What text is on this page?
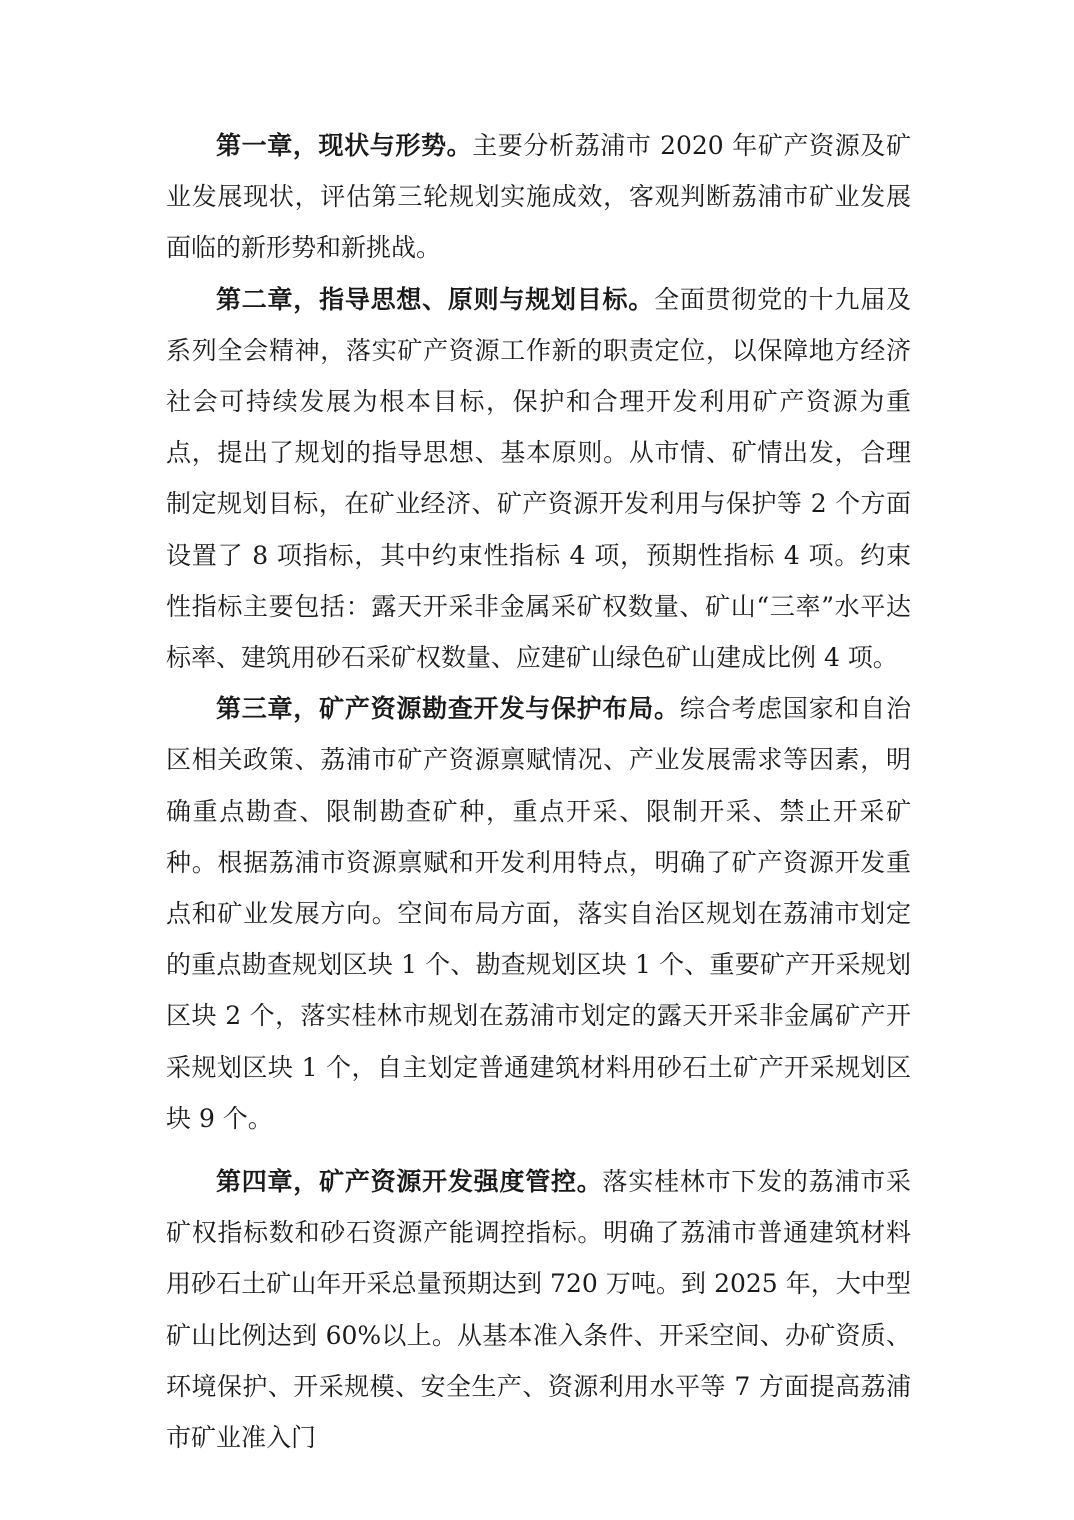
第一章，现状与形势。主要分析荔浦市 2020 年矿产资源及矿业发展现状，评估第三轮规划实施成效，客观判断荔浦市矿业发展面临的新形势和新挑战。

第二章，指导思想、原则与规划目标。全面贯彻党的十九届及系列全会精神，落实矿产资源工作新的职责定位，以保障地方经济社会可持续发展为根本目标，保护和合理开发利用矿产资源为重点，提出了规划的指导思想、基本原则。从市情、矿情出发，合理制定规划目标，在矿业经济、矿产资源开发利用与保护等 2 个方面设置了 8 项指标，其中约束性指标 4 项，预期性指标 4 项。约束性指标主要包括：露天开采非金属采矿权数量、矿山“三率”水平达标率、建筑用砂石采矿权数量、应建矿山绿色矿山建成比例 4 项。

第三章，矿产资源勘查开发与保护布局。综合考虑国家和自治区相关政策、荔浦市矿产资源禀赋情况、产业发展需求等因素，明确重点勘查、限制勘查矿种，重点开采、限制开采、禁止开采矿种。根据荔浦市资源禀赋和开发利用特点，明确了矿产资源开发重点和矿业发展方向。空间布局方面，落实自治区规划在荔浦市划定的重点勘查规划区块 1 个、勘查规划区块 1 个、重要矿产开采规划区块 2 个，落实桂林市规划在荔浦市划定的露天开采非金属矿产开采规划区块 1 个，自主划定普通建筑材料用砂石土矿产开采规划区块 9 个。

第四章，矿产资源开发强度管控。落实桂林市下发的荔浦市采矿权指标数和砂石资源产能调控指标。明确了荔浦市普通建筑材料用砂石土矿山年开采总量预期达到 720 万吨。到 2025 年，大中型矿山比例达到 60%以上。从基本准入条件、开采空间、办矿资质、环境保护、开采规模、安全生产、资源利用水平等 7 方面提高荔浦市矿业准入门
